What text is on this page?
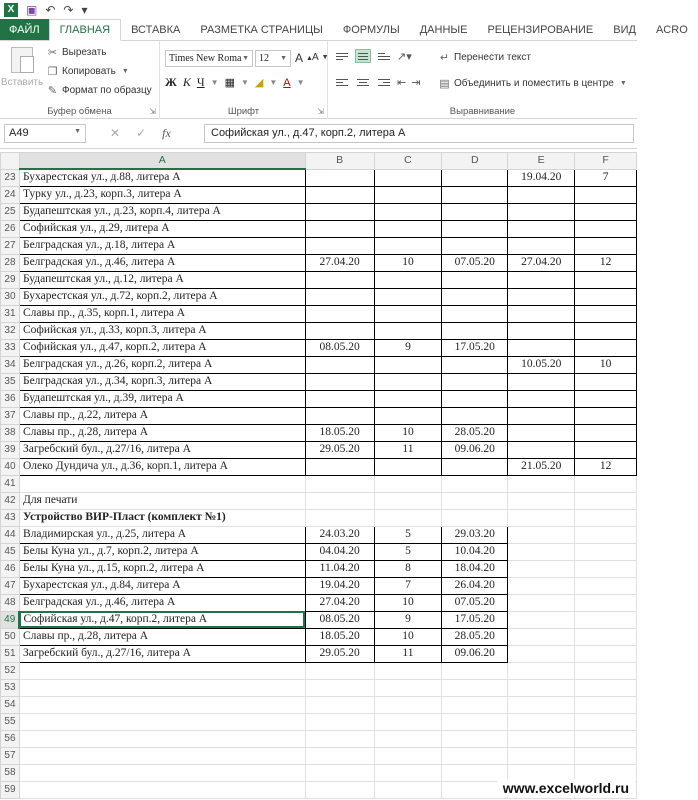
X ▣ ↶ ↷ ▾
ФАЙЛ	ГЛАВНАЯ	ВСТАВКА	РАЗМЕТКА СТРАНИЦЫ	ФОРМУЛЫ	ДАННЫЕ	РЕЦЕНЗИРОВАНИЕ	ВИД	ACRO
Вставить
✂ Вырезать
❐ Копировать ▼
✎ Формат по образцу
Буфер обмена	⇲
Times New Roma ▼ 12 ▼ A ▲ A ▼
Ж К Ч ▼ ▦ ▼ ◢ ▼ A ▼
Шрифт	⇲
↗▾
⇤ ⇥
↵ Перенести текст
▤ Объединить и поместить в центре ▼
Выравнивание
A49	▼ ✕ ✓ fx	Софийская ул., д.47, корп.2, литера А
	A	B	C	D	E	F
23	Бухарестская ул., д.88, литера А				19.04.20	7
24	Турку ул., д.23, корп.3, литера А					
25	Будапештская ул., д.23, корп.4, литера А					
26	Софийская ул., д.29, литера А					
27	Белградская ул., д.18, литера А					
28	Белградская ул., д.46, литера А	27.04.20	10	07.05.20	27.04.20	12
29	Будапештская ул., д.12, литера А					
30	Бухарестская ул., д.72, корп.2, литера А					
31	Славы пр., д.35, корп.1, литера А					
32	Софийская ул., д.33, корп.3, литера А					
33	Софийская ул., д.47, корп.2, литера А	08.05.20	9	17.05.20		
34	Белградская ул., д.26, корп.2, литера А				10.05.20	10
35	Белградская ул., д.34, корп.3, литера А					
36	Будапештская ул., д.39, литера А					
37	Славы пр., д.22, литера А					
38	Славы пр., д.28, литера А	18.05.20	10	28.05.20		
39	Загребский бул., д.27/16, литера А	29.05.20	11	09.06.20		
40	Олеко Дундича ул., д.36, корп.1, литера А				21.05.20	12
41						
42	Для печати					
43	Устройство ВИР-Пласт (комплект №1)					
44	Владимирская ул., д.25, литера А	24.03.20	5	29.03.20		
45	Белы Куна ул., д.7, корп.2, литера А	04.04.20	5	10.04.20		
46	Белы Куна ул., д.15, корп.2, литера А	11.04.20	8	18.04.20		
47	Бухарестская ул., д.84, литера А	19.04.20	7	26.04.20		
48	Белградская ул., д.46, литера А	27.04.20	10	07.05.20		
49	Софийская ул., д.47, корп.2, литера А	08.05.20	9	17.05.20		
50	Славы пр., д.28, литера А	18.05.20	10	28.05.20		
51	Загребский бул., д.27/16, литера А	29.05.20	11	09.06.20		
52						
53						
54						
55						
56						
57						
58						
59							www.excelworld.ru
